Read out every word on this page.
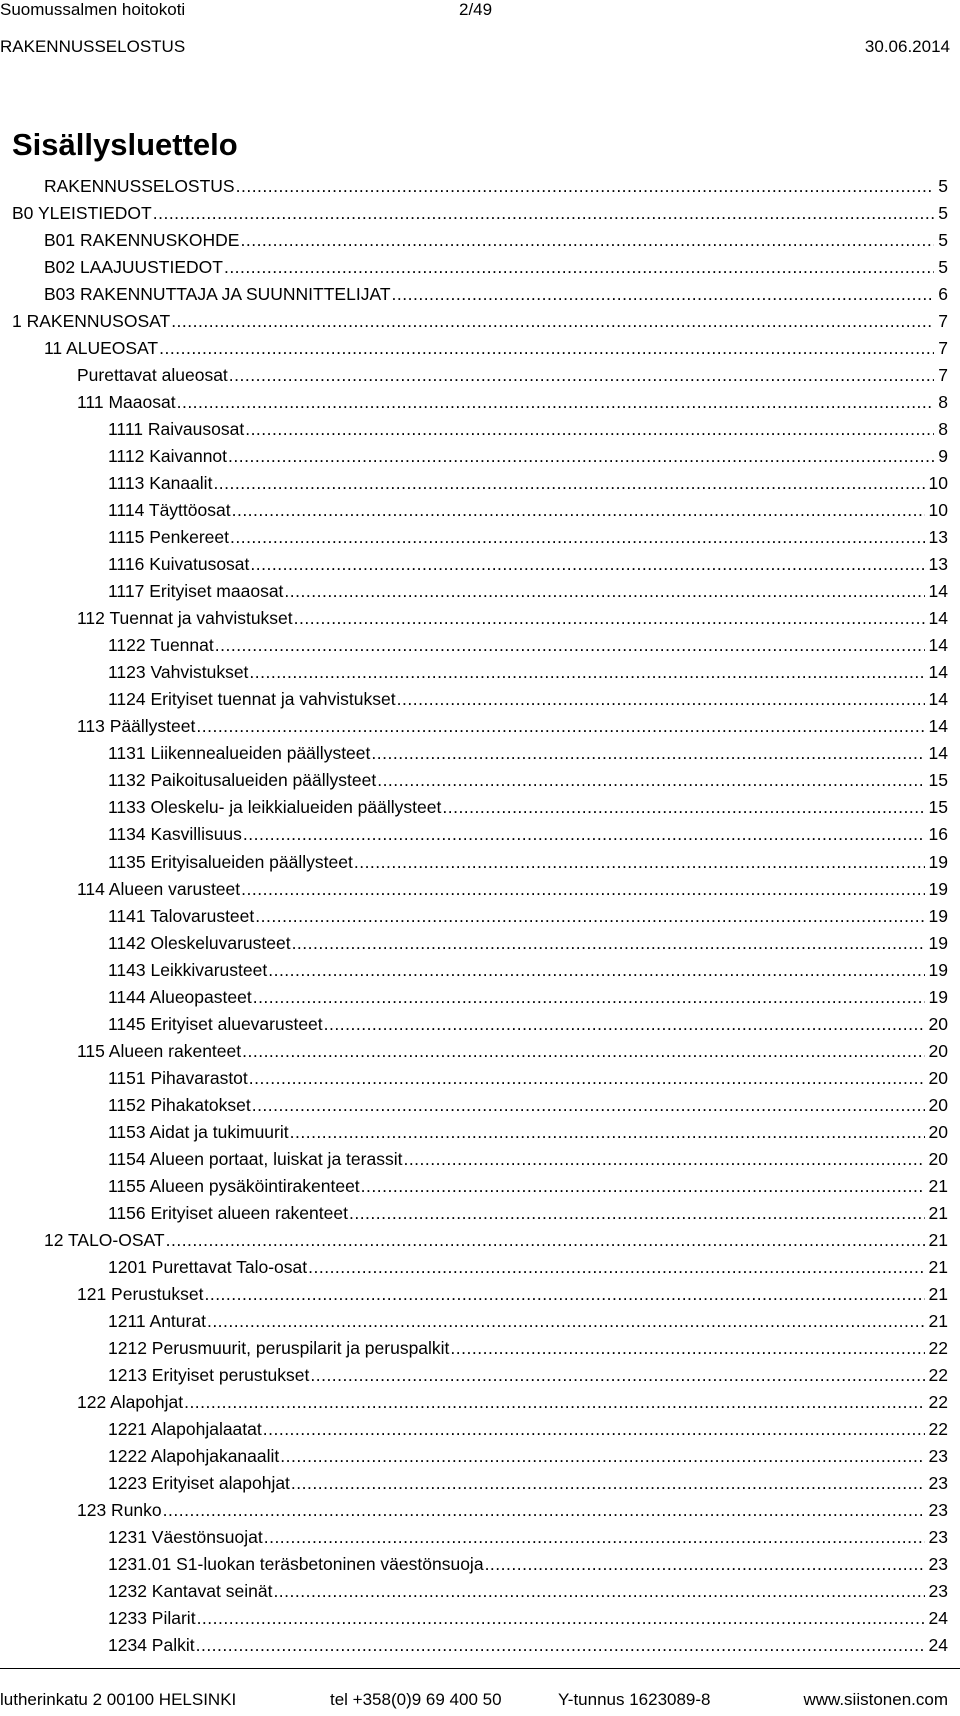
Suomussalmen hoitokoti	2/49
RAKENNUSSELOSTUS	30.06.2014
Sisällysluettelo
RAKENNUSSELOSTUS .....	5
B0 YLEISTIEDOT .....	5
B01 RAKENNUSKOHDE .....	5
B02 LAAJUUSTIEDOT .....	5
B03 RAKENNUTTAJA JA SUUNNITTELIJAT .....	6
1 RAKENNUSOSAT .....	7
11 ALUEOSAT .....	7
Purettavat alueosat .....	7
111 Maaosat .....	8
1111 Raivausosat .....	8
1112 Kaivannot .....	9
1113 Kanaalit .....	10
1114 Täyttöosat .....	10
1115 Penkereet .....	13
1116 Kuivatusosat .....	13
1117 Erityiset maaosat .....	14
112 Tuennat ja vahvistukset .....	14
1122 Tuennat .....	14
1123 Vahvistukset .....	14
1124 Erityiset tuennat ja vahvistukset .....	14
113 Päällysteet .....	14
1131 Liikennealueiden päällysteet .....	14
1132 Paikoitusalueiden päällysteet .....	15
1133 Oleskelu- ja leikkialueiden päällysteet .....	15
1134 Kasvillisuus .....	16
1135 Erityisalueiden päällysteet .....	19
114 Alueen varusteet .....	19
1141 Talovarusteet .....	19
1142 Oleskeluvarusteet .....	19
1143 Leikkivarusteet .....	19
1144 Alueopasteet .....	19
1145 Erityiset aluevarusteet .....	20
115 Alueen rakenteet .....	20
1151 Pihavarastot .....	20
1152 Pihakatokset .....	20
1153 Aidat ja tukimuurit .....	20
1154 Alueen portaat, luiskat ja terassit .....	20
1155 Alueen pysäköintirakenteet .....	21
1156 Erityiset alueen rakenteet .....	21
12 TALO-OSAT .....	21
1201 Purettavat Talo-osat .....	21
121 Perustukset .....	21
1211 Anturat .....	21
1212 Perusmuurit, peruspilarit ja peruspalkit .....	22
1213 Erityiset perustukset .....	22
122 Alapohjat .....	22
1221 Alapohjalaatat .....	22
1222 Alapohjakanaalit .....	23
1223 Erityiset alapohjat .....	23
123 Runko .....	23
1231 Väestönsuojat .....	23
1231.01 S1-luokan teräsbetoninen väestönsuoja .....	23
1232 Kantavat seinät .....	23
1233 Pilarit .....	24
1234 Palkit .....	24
lutherinkatu 2 00100 HELSINKI	tel +358(0)9 69 400 50	Y-tunnus 1623089-8	www.siistonen.com
